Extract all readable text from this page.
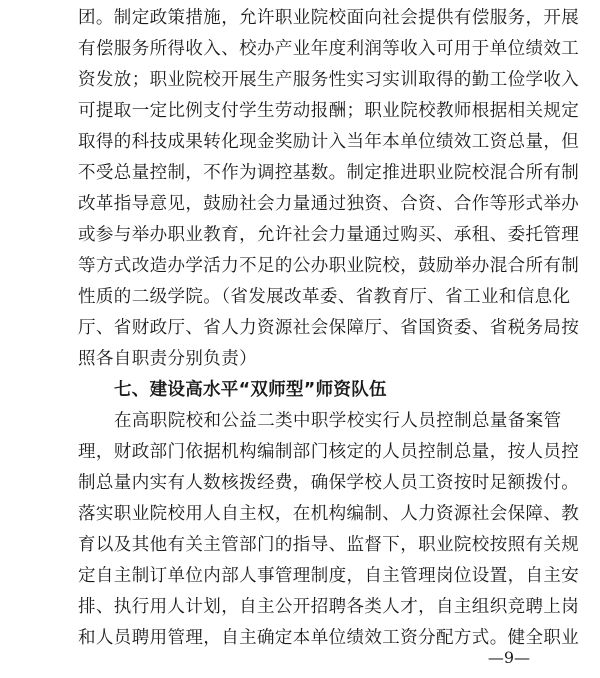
团。制定政策措施，允许职业院校面向社会提供有偿服务，开展
有偿服务所得收入、校办产业年度利润等收入可用于单位绩效工
资发放；职业院校开展生产服务性实习实训取得的勤工俭学收入
可提取一定比例支付学生劳动报酬；职业院校教师根据相关规定
取得的科技成果转化现金奖励计入当年本单位绩效工资总量，但
不受总量控制，不作为调控基数。制定推进职业院校混合所有制
改革指导意见，鼓励社会力量通过独资、合资、合作等形式举办
或参与举办职业教育，允许社会力量通过购买、承租、委托管理
等方式改造办学活力不足的公办职业院校，鼓励举办混合所有制
性质的二级学院。（省发展改革委、省教育厅、省工业和信息化
厅、省财政厅、省人力资源社会保障厅、省国资委、省税务局按
照各自职责分别负责）
七、建设高水平“双师型”师资队伍
在高职院校和公益二类中职学校实行人员控制总量备案管
理，财政部门依据机构编制部门核定的人员控制总量，按人员控
制总量内实有人数核拨经费，确保学校人员工资按时足额拨付。
落实职业院校用人自主权，在机构编制、人力资源社会保障、教
育以及其他有关主管部门的指导、监督下，职业院校按照有关规
定自主制订单位内部人事管理制度，自主管理岗位设置，自主安
排、执行用人计划，自主公开招聘各类人才，自主组织竞聘上岗
和人员聘用管理，自主确定本单位绩效工资分配方式。健全职业
—9—
